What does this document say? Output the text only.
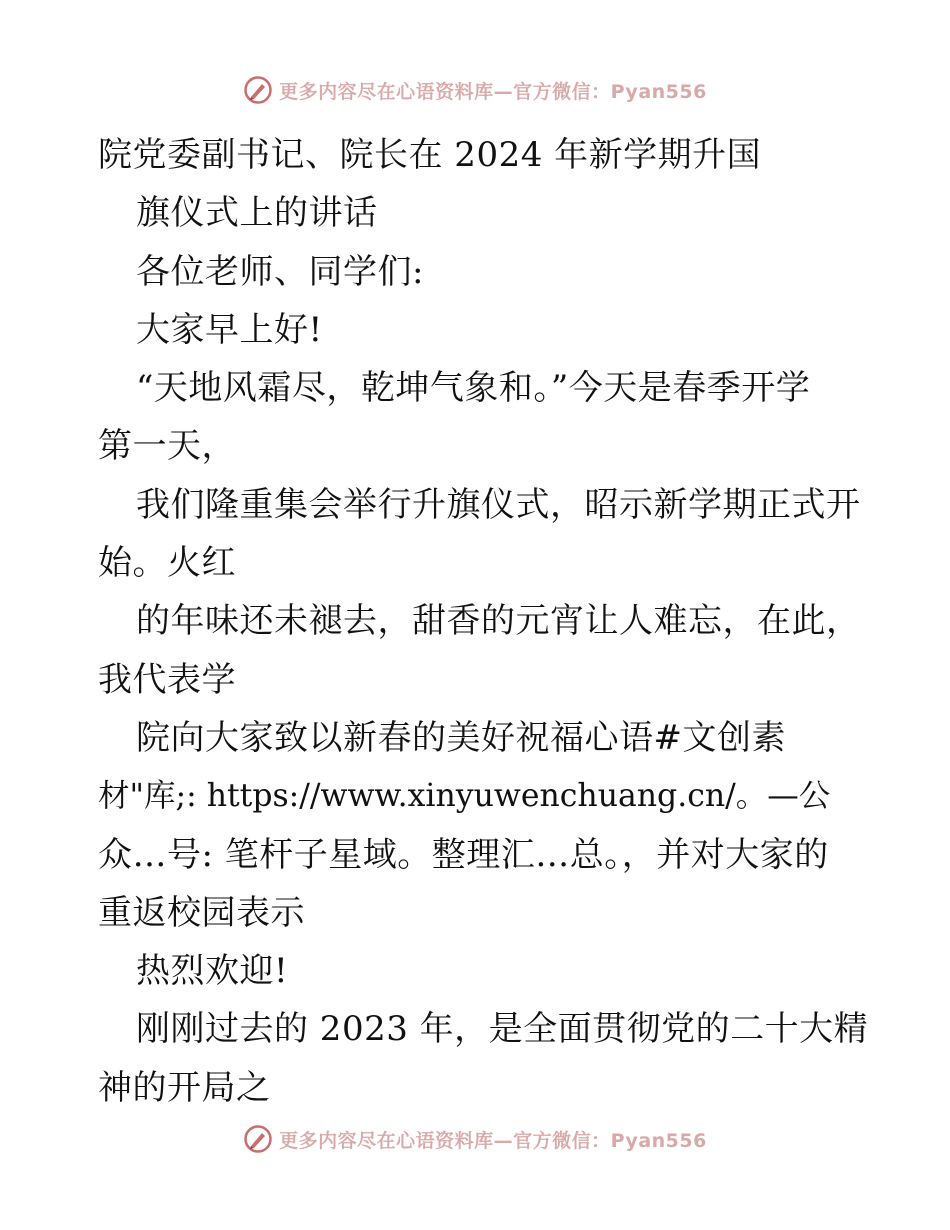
更多内容尽在心语资料库—官方微信：Pyan556
院党委副书记、院长在 2024 年新学期升国
旗仪式上的讲话
各位老师、同学们:
大家早上好!
“天地风霜尽，乾坤气象和。”今天是春季开学
第一天，
我们隆重集会举行升旗仪式，昭示新学期正式开
始。火红
的年味还未褪去，甜香的元宵让人难忘，在此，
我代表学
院向大家致以新春的美好祝福心语#文创素
材"库;: https://www.xinyuwenchuang.cn/。—公
众…号: 笔杆子星域。整理汇…总。，并对大家的
重返校园表示
热烈欢迎!
刚刚过去的 2023 年，是全面贯彻党的二十大精
神的开局之
更多内容尽在心语资料库—官方微信：Pyan556
